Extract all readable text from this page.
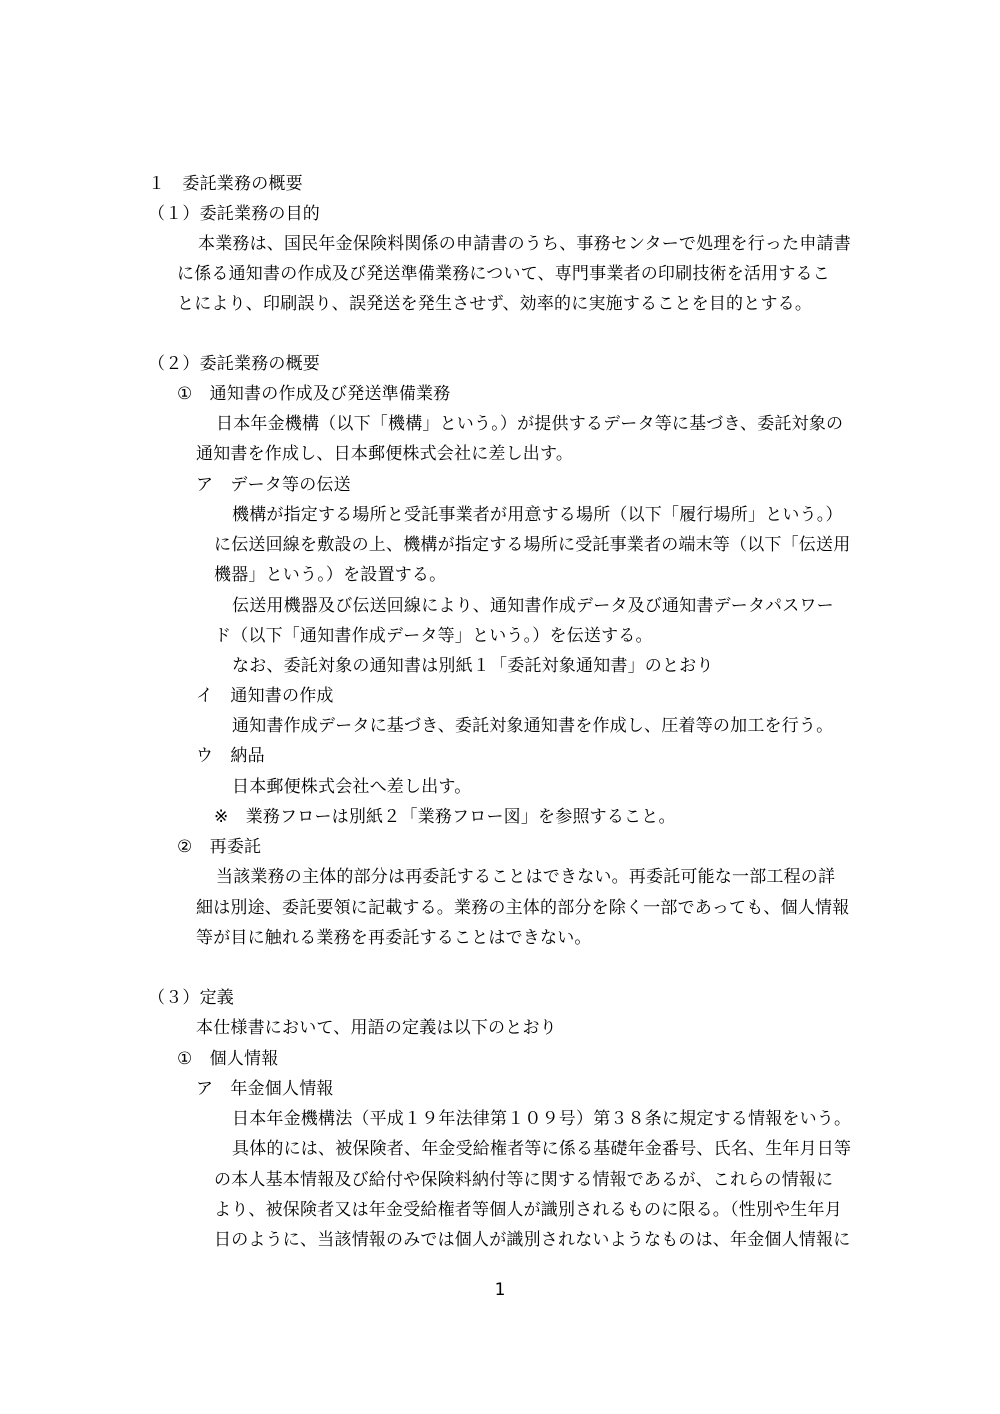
１　委託業務の概要
（１）委託業務の目的
本業務は、国民年金保険料関係の申請書のうち、事務センターで処理を行った申請書
に係る通知書の作成及び発送準備業務について、専門事業者の印刷技術を活用するこ
とにより、印刷誤り、誤発送を発生させず、効率的に実施することを目的とする。
（２）委託業務の概要
①　通知書の作成及び発送準備業務
日本年金機構（以下「機構」という。）が提供するデータ等に基づき、委託対象の
通知書を作成し、日本郵便株式会社に差し出す。
ア　データ等の伝送
機構が指定する場所と受託事業者が用意する場所（以下「履行場所」という。）
に伝送回線を敷設の上、機構が指定する場所に受託事業者の端末等（以下「伝送用
機器」という。）を設置する。
伝送用機器及び伝送回線により、通知書作成データ及び通知書データパスワー
ド（以下「通知書作成データ等」という。）を伝送する。
なお、委託対象の通知書は別紙１「委託対象通知書」のとおり
イ　通知書の作成
通知書作成データに基づき、委託対象通知書を作成し、圧着等の加工を行う。
ウ　納品
日本郵便株式会社へ差し出す。
※　業務フローは別紙２「業務フロー図」を参照すること。
②　再委託
当該業務の主体的部分は再委託することはできない。再委託可能な一部工程の詳
細は別途、委託要領に記載する。業務の主体的部分を除く一部であっても、個人情報
等が目に触れる業務を再委託することはできない。
（３）定義
本仕様書において、用語の定義は以下のとおり
①　個人情報
ア　年金個人情報
日本年金機構法（平成１９年法律第１０９号）第３８条に規定する情報をいう。
具体的には、被保険者、年金受給権者等に係る基礎年金番号、氏名、生年月日等
の本人基本情報及び給付や保険料納付等に関する情報であるが、これらの情報に
より、被保険者又は年金受給権者等個人が識別されるものに限る。（性別や生年月
日のように、当該情報のみでは個人が識別されないようなものは、年金個人情報に
1
